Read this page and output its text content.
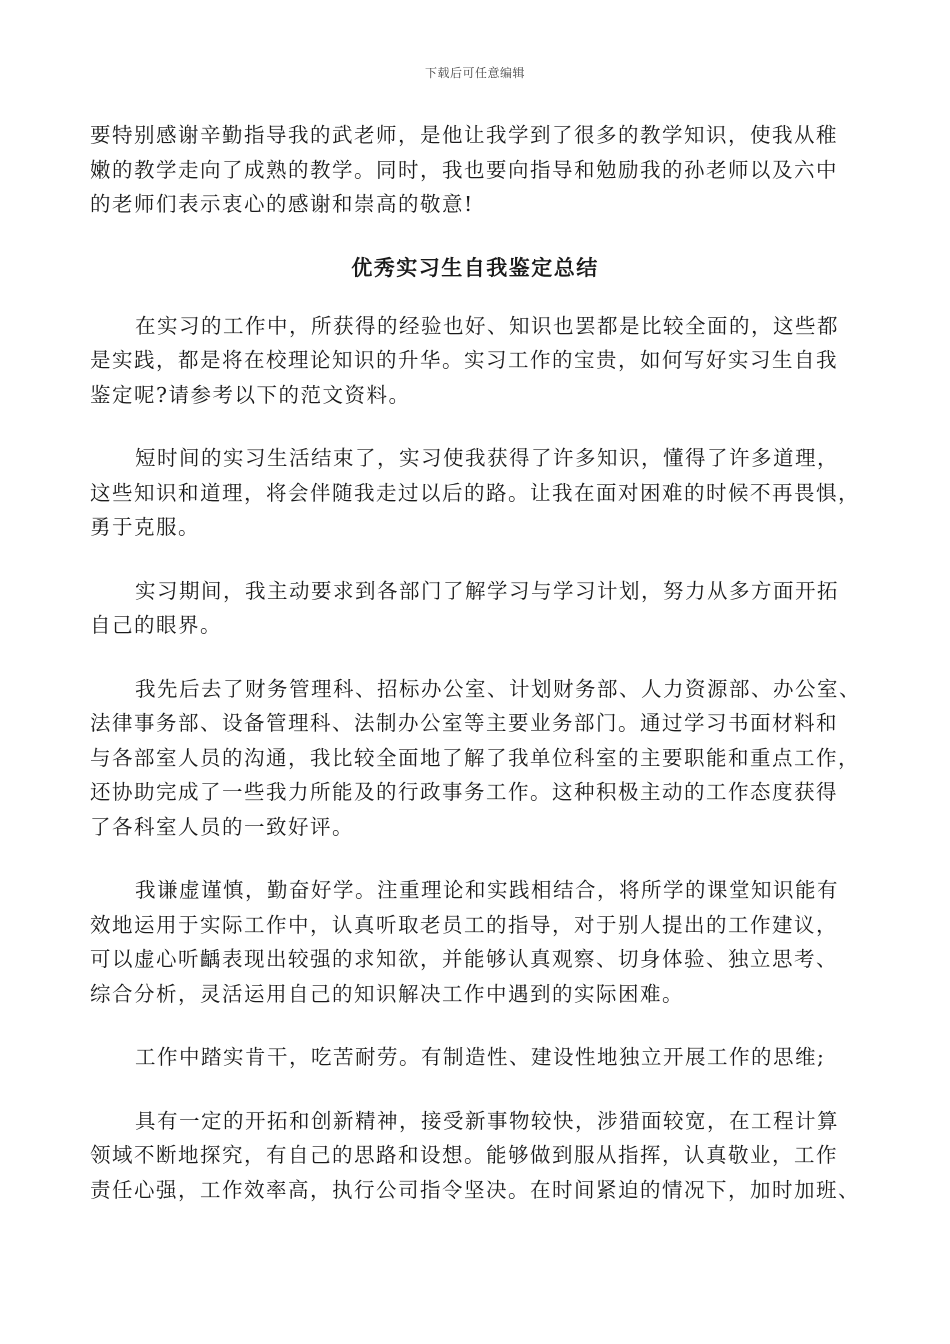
下载后可任意编辑

要特别感谢辛勤指导我的武老师，是他让我学到了很多的教学知识，使我从稚
嫩的教学走向了成熟的教学。同时，我也要向指导和勉励我的孙老师以及六中
的老师们表示衷心的感谢和崇高的敬意!

优秀实习生自我鉴定总结

在实习的工作中，所获得的经验也好、知识也罢都是比较全面的，这些都
是实践，都是将在校理论知识的升华。实习工作的宝贵，如何写好实习生自我
鉴定呢?请参考以下的范文资料。

短时间的实习生活结束了，实习使我获得了许多知识，懂得了许多道理，
这些知识和道理，将会伴随我走过以后的路。让我在面对困难的时候不再畏惧，
勇于克服。

实习期间，我主动要求到各部门了解学习与学习计划，努力从多方面开拓
自己的眼界。

我先后去了财务管理科、招标办公室、计划财务部、人力资源部、办公室、
法律事务部、设备管理科、法制办公室等主要业务部门。通过学习书面材料和
与各部室人员的沟通，我比较全面地了解了我单位科室的主要职能和重点工作，
还协助完成了一些我力所能及的行政事务工作。这种积极主动的工作态度获得
了各科室人员的一致好评。

我谦虚谨慎，勤奋好学。注重理论和实践相结合，将所学的课堂知识能有
效地运用于实际工作中，认真听取老员工的指导，对于别人提出的工作建议，
可以虚心听齲表现出较强的求知欲，并能够认真观察、切身体验、独立思考、
综合分析，灵活运用自己的知识解决工作中遇到的实际困难。

工作中踏实肯干，吃苦耐劳。有制造性、建设性地独立开展工作的思维;

具有一定的开拓和创新精神，接受新事物较快，涉猎面较宽，在工程计算
领域不断地探究，有自己的思路和设想。能够做到服从指挥，认真敬业，工作
责任心强，工作效率高，执行公司指令坚决。在时间紧迫的情况下，加时加班、
